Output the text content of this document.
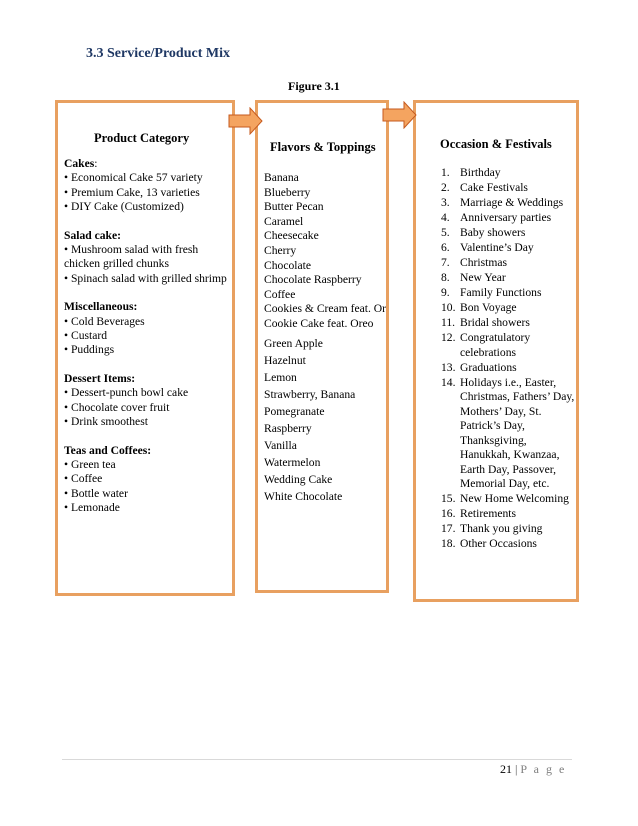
3.3 Service/Product Mix
Figure 3.1
Product Category
Cakes:
• Economical Cake 57 variety
• Premium Cake, 13 varieties
• DIY Cake (Customized)
Salad cake:
• Mushroom salad with fresh chicken grilled chunks
• Spinach salad with grilled shrimp
Miscellaneous:
• Cold Beverages
• Custard
• Puddings
Dessert Items:
• Dessert-punch bowl cake
• Chocolate cover fruit
• Drink smoothest
Teas and Coffees:
• Green tea
• Coffee
• Bottle water
• Lemonade
Flavors & Toppings
Banana
Blueberry
Butter Pecan
Caramel
Cheesecake
Cherry
Chocolate
Chocolate Raspberry
Coffee
Cookies & Cream feat. Or
Cookie Cake feat. Oreo
Green Apple
Hazelnut
Lemon
Strawberry, Banana
Pomegranate
Raspberry
Vanilla
Watermelon
Wedding Cake
White Chocolate
Occasion & Festivals
1. Birthday
2. Cake Festivals
3. Marriage & Weddings
4. Anniversary parties
5. Baby showers
6. Valentine’s Day
7. Christmas
8. New Year
9. Family Functions
10. Bon Voyage
11. Bridal showers
12. Congratulatory celebrations
13. Graduations
14. Holidays i.e., Easter, Christmas, Fathers’ Day, Mothers’ Day, St. Patrick’s Day, Thanksgiving, Hanukkah, Kwanzaa, Earth Day, Passover, Memorial Day, etc.
15. New Home Welcoming
16. Retirements
17. Thank you giving
18. Other Occasions
21 | P a g e
